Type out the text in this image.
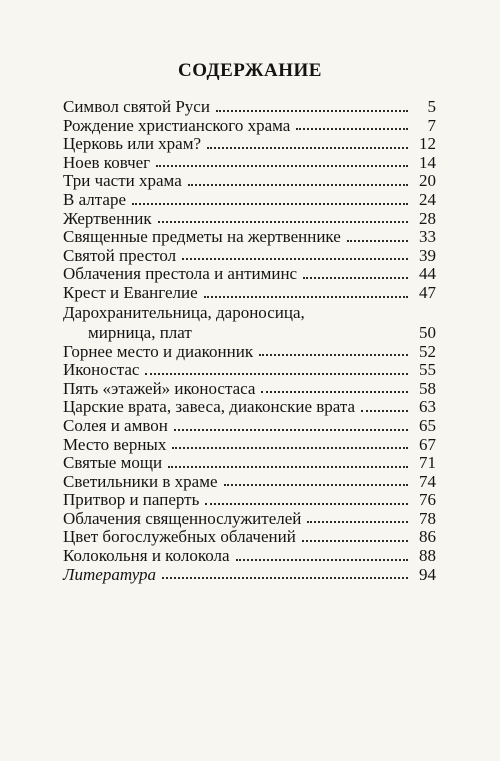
СОДЕРЖАНИЕ
Символ святой Руси	5
Рождение христианского храма	7
Церковь или храм?	12
Ноев ковчег	14
Три части храма	20
В алтаре	24
Жертвенник	28
Священные предметы на жертвеннике	33
Святой престол	39
Облачения престола и антиминс	44
Крест и Евангелие	47
Дарохранительница, дароносица,
мирница, плат	50
Горнее место и диаконник	52
Иконостас	55
Пять «этажей» иконостаса	58
Царские врата, завеса, диаконские врата	63
Солея и амвон	65
Место верных	67
Святые мощи	71
Светильники в храме	74
Притвор и паперть	76
Облачения священнослужителей	78
Цвет богослужебных облачений	86
Колокольня и колокола	88
Литература	94
